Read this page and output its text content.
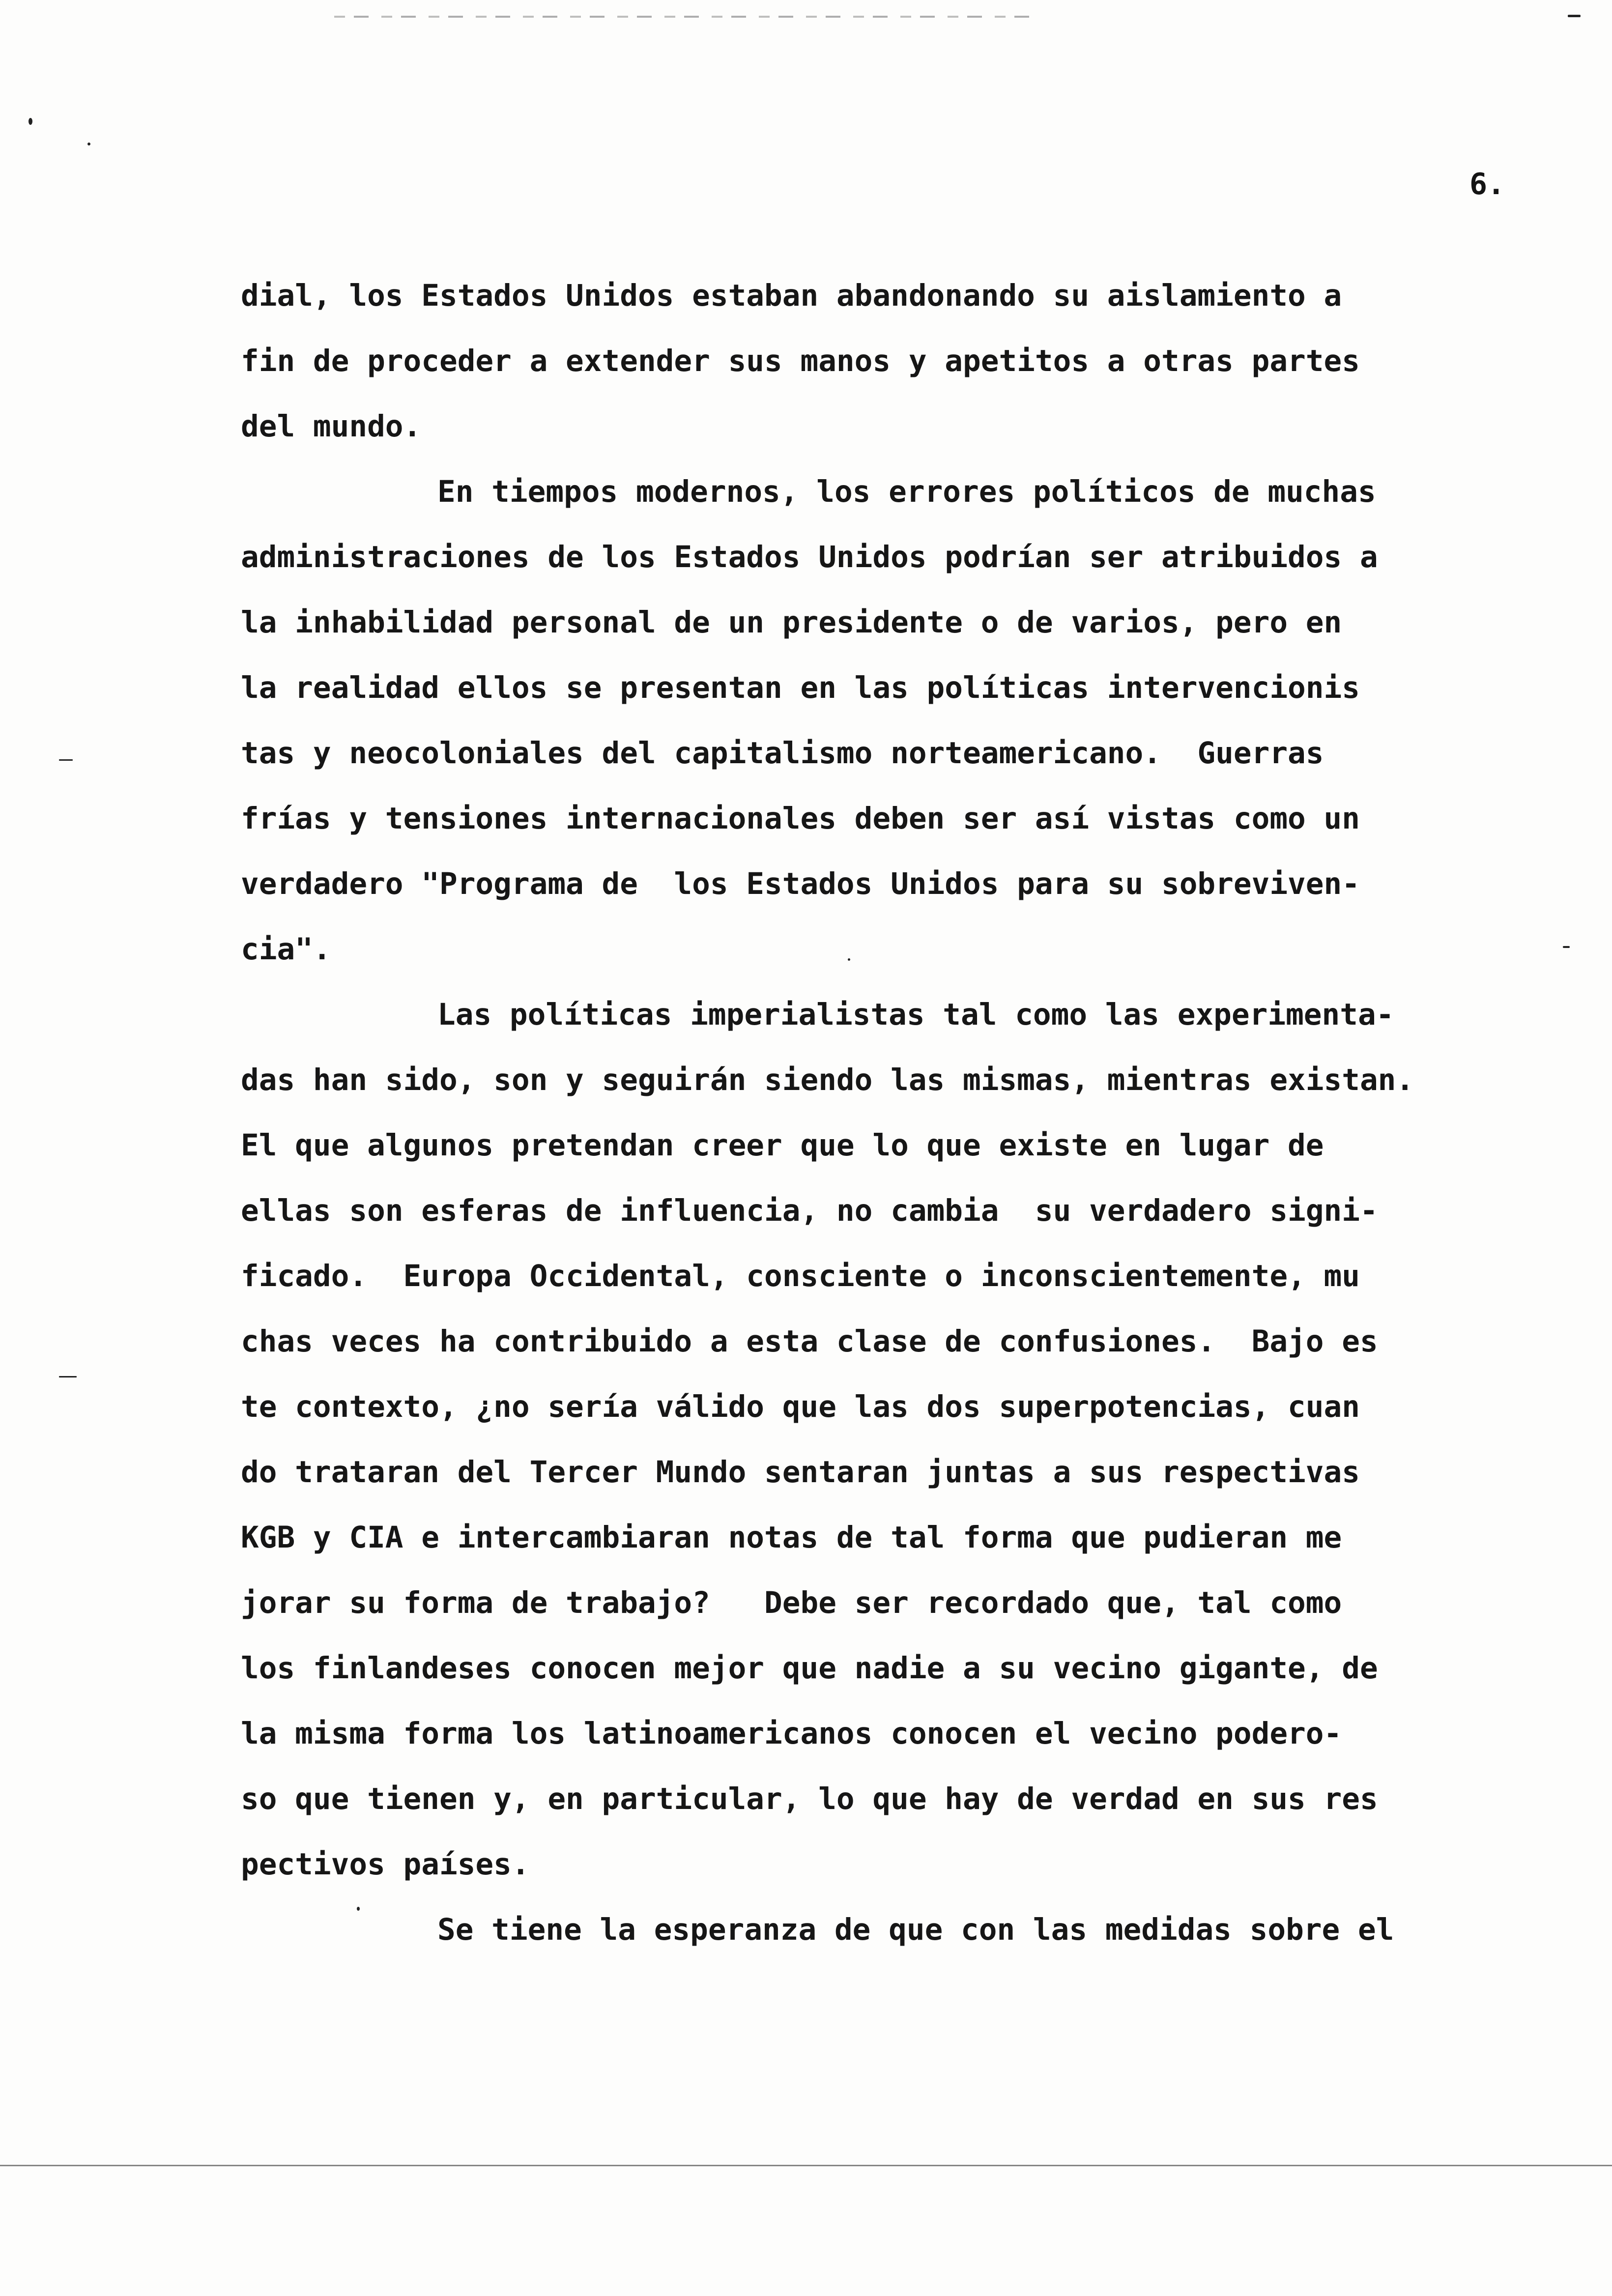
6.
dial, los Estados Unidos estaban abandonando su aislamiento a
fin de proceder a extender sus manos y apetitos a otras partes
del mundo.
En tiempos modernos, los errores políticos de muchas
administraciones de los Estados Unidos podrían ser atribuidos a
la inhabilidad personal de un presidente o de varios, pero en
la realidad ellos se presentan en las políticas intervencionis
tas y neocoloniales del capitalismo norteamericano.  Guerras
frías y tensiones internacionales deben ser así vistas como un
verdadero "Programa de  los Estados Unidos para su sobreviven-
cia".
Las políticas imperialistas tal como las experimenta-
das han sido, son y seguirán siendo las mismas, mientras existan.
El que algunos pretendan creer que lo que existe en lugar de
ellas son esferas de influencia, no cambia  su verdadero signi-
ficado.  Europa Occidental, consciente o inconscientemente, mu
chas veces ha contribuido a esta clase de confusiones.  Bajo es
te contexto, ¿no sería válido que las dos superpotencias, cuan
do trataran del Tercer Mundo sentaran juntas a sus respectivas
KGB y CIA e intercambiaran notas de tal forma que pudieran me
jorar su forma de trabajo?   Debe ser recordado que, tal como
los finlandeses conocen mejor que nadie a su vecino gigante, de
la misma forma los latinoamericanos conocen el vecino podero-
so que tienen y, en particular, lo que hay de verdad en sus res
pectivos países.
Se tiene la esperanza de que con las medidas sobre el
